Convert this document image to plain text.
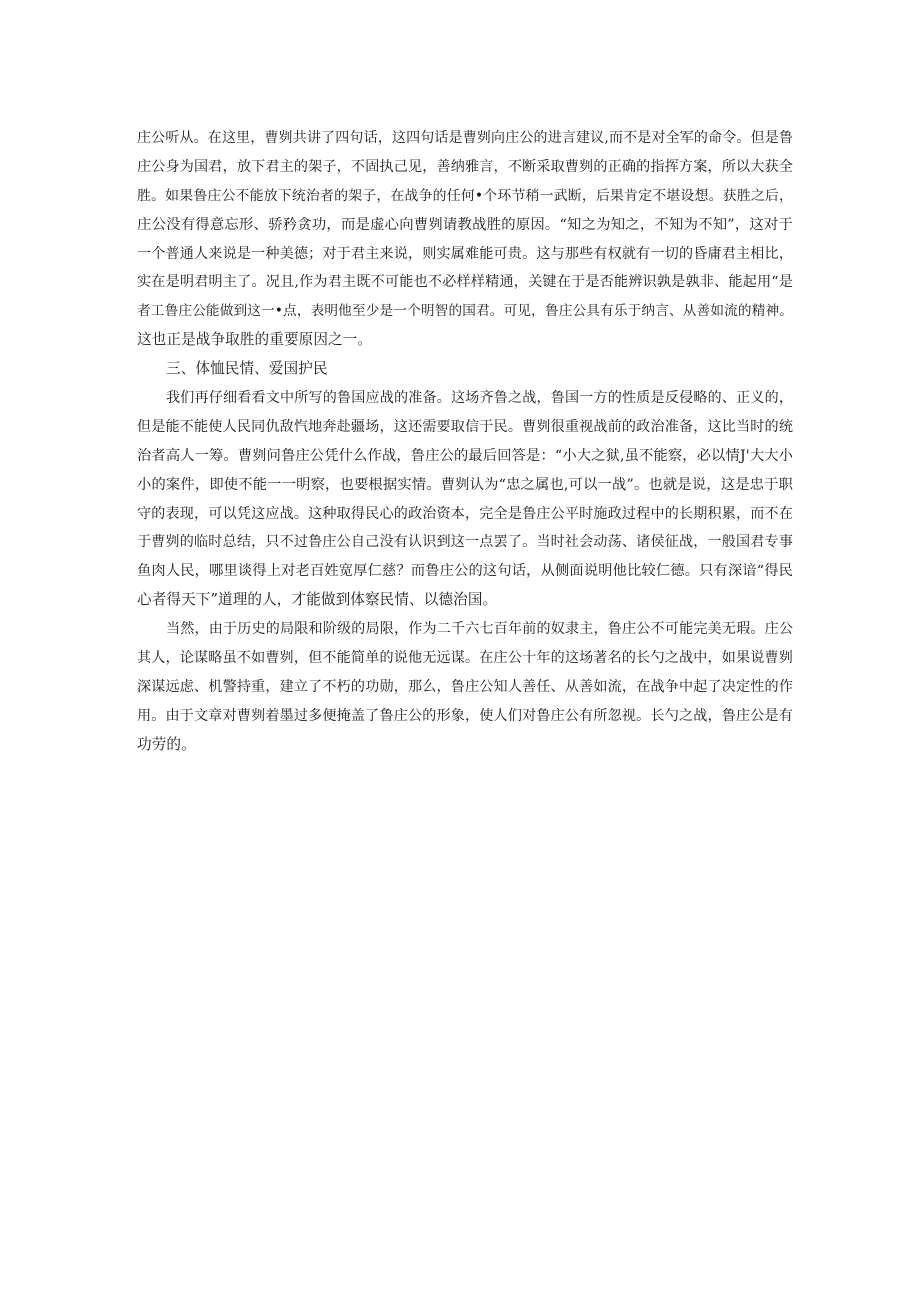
庄公听从。在这里，曹刿共讲了四句话，这四句话是曹刿向庄公的进言建议,而不是对全军的命令。但是鲁
庄公身为国君，放下君主的架子，不固执己见，善纳雅言，不断采取曹刿的正确的指挥方案，所以大获全
胜。如果鲁庄公不能放下统治者的架子，在战争的任何•个环节稍一武断，后果肯定不堪设想。获胜之后，
庄公没有得意忘形、骄矜贪功，而是虚心向曹刿请教战胜的原因。“知之为知之，不知为不知”，这对于
一个普通人来说是一种美德；对于君主来说，则实属难能可贵。这与那些有权就有一切的昏庸君主相比，
实在是明君明主了。况且,作为君主既不可能也不必样样精通，关键在于是否能辨识孰是孰非、能起用“是
者工鲁庄公能做到这一•点，表明他至少是一个明智的国君。可见，鲁庄公具有乐于纳言、从善如流的精神。
这也正是战争取胜的重要原因之一。
三、体恤民情、爱国护民
我们再仔细看看文中所写的鲁国应战的准备。这场齐鲁之战，鲁国一方的性质是反侵略的、正义的，
但是能不能使人民同仇敌忾地奔赴疆场，这还需要取信于民。曹刿很重视战前的政治准备，这比当时的统
治者高人一筹。曹刿问鲁庄公凭什么作战，鲁庄公的最后回答是：“小大之狱,虽不能察，必以情J'大大小
小的案件，即使不能一一明察，也要根据实情。曹刿认为“忠之属也,可以一战”。也就是说，这是忠于职
守的表现，可以凭这应战。这种取得民心的政治资本，完全是鲁庄公平时施政过程中的长期积累，而不在
于曹刿的临时总结，只不过鲁庄公自己没有认识到这一点罢了。当时社会动荡、诸侯征战，一般国君专事
鱼肉人民，哪里谈得上对老百姓宽厚仁慈？而鲁庄公的这句话，从侧面说明他比较仁德。只有深谙“得民
心者得天下”道理的人，才能做到体察民情、以德治国。
当然，由于历史的局限和阶级的局限，作为二千六七百年前的奴隶主，鲁庄公不可能完美无瑕。庄公
其人，论谋略虽不如曹刿，但不能简单的说他无远谋。在庄公十年的这场著名的长勺之战中，如果说曹刿
深谋远虑、机警持重，建立了不朽的功勋，那么，鲁庄公知人善任、从善如流，在战争中起了决定性的作
用。由于文章对曹刿着墨过多便掩盖了鲁庄公的形象，使人们对鲁庄公有所忽视。长勺之战，鲁庄公是有
功劳的。
